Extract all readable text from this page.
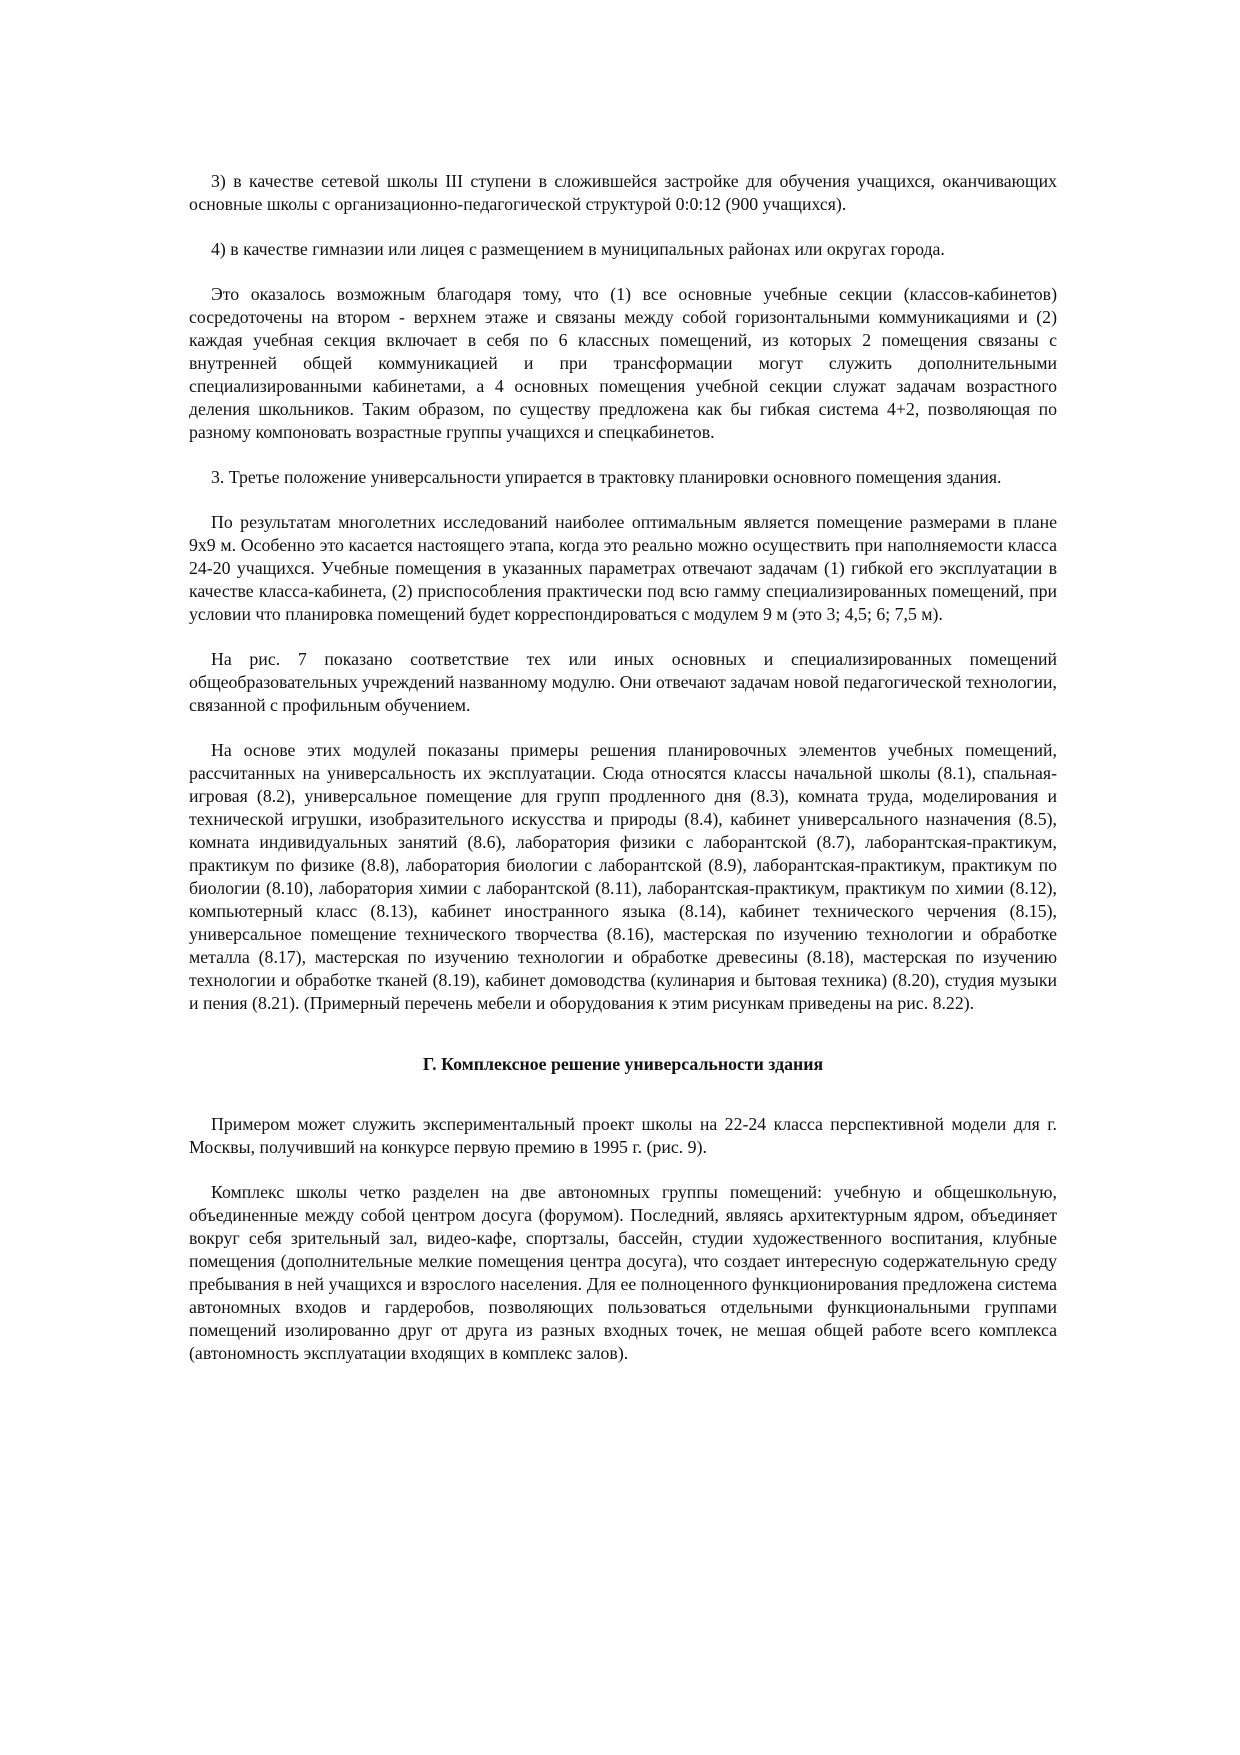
3) в качестве сетевой школы III ступени в сложившейся застройке для обучения учащихся, оканчивающих основные школы с организационно-педагогической структурой 0:0:12 (900 учащихся).

4) в качестве гимназии или лицея с размещением в муниципальных районах или округах города.

Это оказалось возможным благодаря тому, что (1) все основные учебные секции (классов-кабинетов) сосредоточены на втором - верхнем этаже и связаны между собой горизонтальными коммуникациями и (2) каждая учебная секция включает в себя по 6 классных помещений, из которых 2 помещения связаны с внутренней общей коммуникацией и при трансформации могут служить дополнительными специализированными кабинетами, а 4 основных помещения учебной секции служат задачам возрастного деления школьников. Таким образом, по существу предложена как бы гибкая система 4+2, позволяющая по разному компоновать возрастные группы учащихся и спецкабинетов.

3. Третье положение универсальности упирается в трактовку планировки основного помещения здания.

По результатам многолетних исследований наиболее оптимальным является помещение размерами в плане 9х9 м. Особенно это касается настоящего этапа, когда это реально можно осуществить при наполняемости класса 24-20 учащихся. Учебные помещения в указанных параметрах отвечают задачам (1) гибкой его эксплуатации в качестве класса-кабинета, (2) приспособления практически под всю гамму специализированных помещений, при условии что планировка помещений будет корреспондироваться с модулем 9 м (это 3; 4,5; 6; 7,5 м).

На рис. 7 показано соответствие тех или иных основных и специализированных помещений общеобразовательных учреждений названному модулю. Они отвечают задачам новой педагогической технологии, связанной с профильным обучением.

На основе этих модулей показаны примеры решения планировочных элементов учебных помещений, рассчитанных на универсальность их эксплуатации. Сюда относятся классы начальной школы (8.1), спальная-игровая (8.2), универсальное помещение для групп продленного дня (8.3), комната труда, моделирования и технической игрушки, изобразительного искусства и природы (8.4), кабинет универсального назначения (8.5), комната индивидуальных занятий (8.6), лаборатория физики с лаборантской (8.7), лаборантская-практикум, практикум по физике (8.8), лаборатория биологии с лаборантской (8.9), лаборантская-практикум, практикум по биологии (8.10), лаборатория химии с лаборантской (8.11), лаборантская-практикум, практикум по химии (8.12), компьютерный класс (8.13), кабинет иностранного языка (8.14), кабинет технического черчения (8.15), универсальное помещение технического творчества (8.16), мастерская по изучению технологии и обработке металла (8.17), мастерская по изучению технологии и обработке древесины (8.18), мастерская по изучению технологии и обработке тканей (8.19), кабинет домоводства (кулинария и бытовая техника) (8.20), студия музыки и пения (8.21). (Примерный перечень мебели и оборудования к этим рисункам приведены на рис. 8.22).

Г. Комплексное решение универсальности здания

Примером может служить экспериментальный проект школы на 22-24 класса перспективной модели для г. Москвы, получивший на конкурсе первую премию в 1995 г. (рис. 9).

Комплекс школы четко разделен на две автономных группы помещений: учебную и общешкольную, объединенные между собой центром досуга (форумом). Последний, являясь архитектурным ядром, объединяет вокруг себя зрительный зал, видео-кафе, спортзалы, бассейн, студии художественного воспитания, клубные помещения (дополнительные мелкие помещения центра досуга), что создает интересную содержательную среду пребывания в ней учащихся и взрослого населения. Для ее полноценного функционирования предложена система автономных входов и гардеробов, позволяющих пользоваться отдельными функциональными группами помещений изолированно друг от друга из разных входных точек, не мешая общей работе всего комплекса (автономность эксплуатации входящих в комплекс залов).
